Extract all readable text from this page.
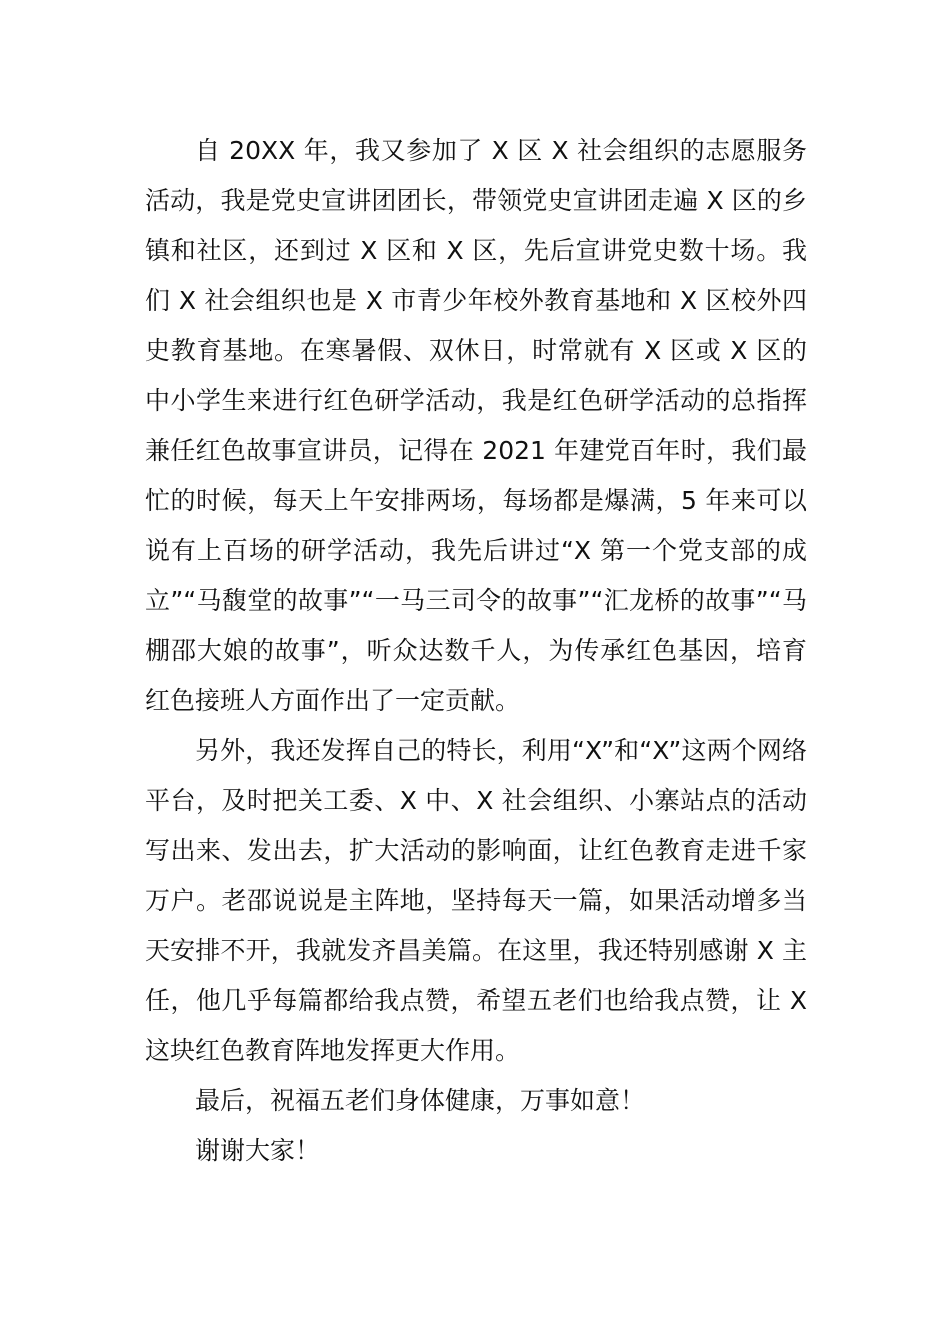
自 20XX 年，我又参加了 X 区 X 社会组织的志愿服务活动，我是党史宣讲团团长，带领党史宣讲团走遍 X 区的乡镇和社区，还到过 X 区和 X 区，先后宣讲党史数十场。我们 X 社会组织也是 X 市青少年校外教育基地和 X 区校外四史教育基地。在寒暑假、双休日，时常就有 X 区或 X 区的中小学生来进行红色研学活动，我是红色研学活动的总指挥兼任红色故事宣讲员，记得在 2021 年建党百年时，我们最忙的时候，每天上午安排两场，每场都是爆满，5 年来可以说有上百场的研学活动，我先后讲过“X 第一个党支部的成立”“马馥堂的故事”“一马三司令的故事”“汇龙桥的故事”“马棚邵大娘的故事”，听众达数千人，为传承红色基因，培育红色接班人方面作出了一定贡献。

另外，我还发挥自己的特长，利用“X”和“X”这两个网络平台，及时把关工委、X 中、X 社会组织、小寨站点的活动写出来、发出去，扩大活动的影响面，让红色教育走进千家万户。老邵说说是主阵地，坚持每天一篇，如果活动增多当天安排不开，我就发齐昌美篇。在这里，我还特别感谢 X 主任，他几乎每篇都给我点赞，希望五老们也给我点赞，让 X 这块红色教育阵地发挥更大作用。

最后，祝福五老们身体健康，万事如意！

谢谢大家！
